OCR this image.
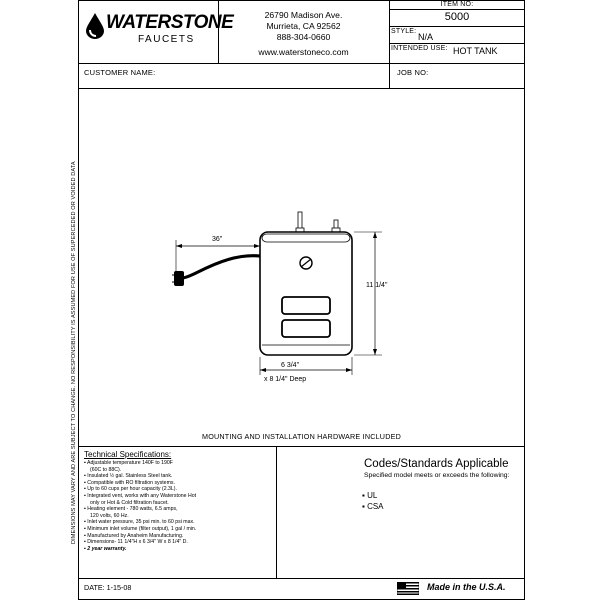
WATERSTONE
FAUCETS
26790 Madison Ave.
Murrieta, CA 92562
888-304-0660
www.waterstoneco.com
ITEM NO:
5000
STYLE:
N/A
INTENDED USE: HOT TANK
CUSTOMER NAME:	JOB NO:
DIMENSIONS MAY VARY AND ARE SUBJECT TO CHANGE. NO RESPONSIBILITY IS ASSUMED FOR USE OF SUPERCEDED OR VOIDED DATA	36"
11 1/4"
6 3/4"
x 8 1/4" Deep
MOUNTING AND INSTALLATION HARDWARE INCLUDED
Technical Specifications:
▪ Adjustable temperature 140F to 190F
(60C to 88C).
▪ Insulated ½ gal. Stainless Steel tank.
▪ Compatible with RO filtration systems.
▪ Up to 60 cups per hour capacity (2.3L).
▪ Integrated vent, works with any Waterstone Hot
only or Hot & Cold filtration faucet.
▪ Heating element - 780 watts, 6.5 amps,
120 volts, 60 Hz.
▪ Inlet water pressure, 35 psi min. to 60 psi max.
▪ Minimum inlet volume (filter output), 1 gal / min.
▪ Manufactured by Anaheim Manufacturing.
▪ Dimensions- 11 1/4"H x 6 3/4" W x 8 1/4" D.
▪ 2 year warranty.
Codes/Standards Applicable
Specified model meets or exceeds the following:
▪ UL
▪ CSA
DATE: 1-15-08	Made in the U.S.A.
